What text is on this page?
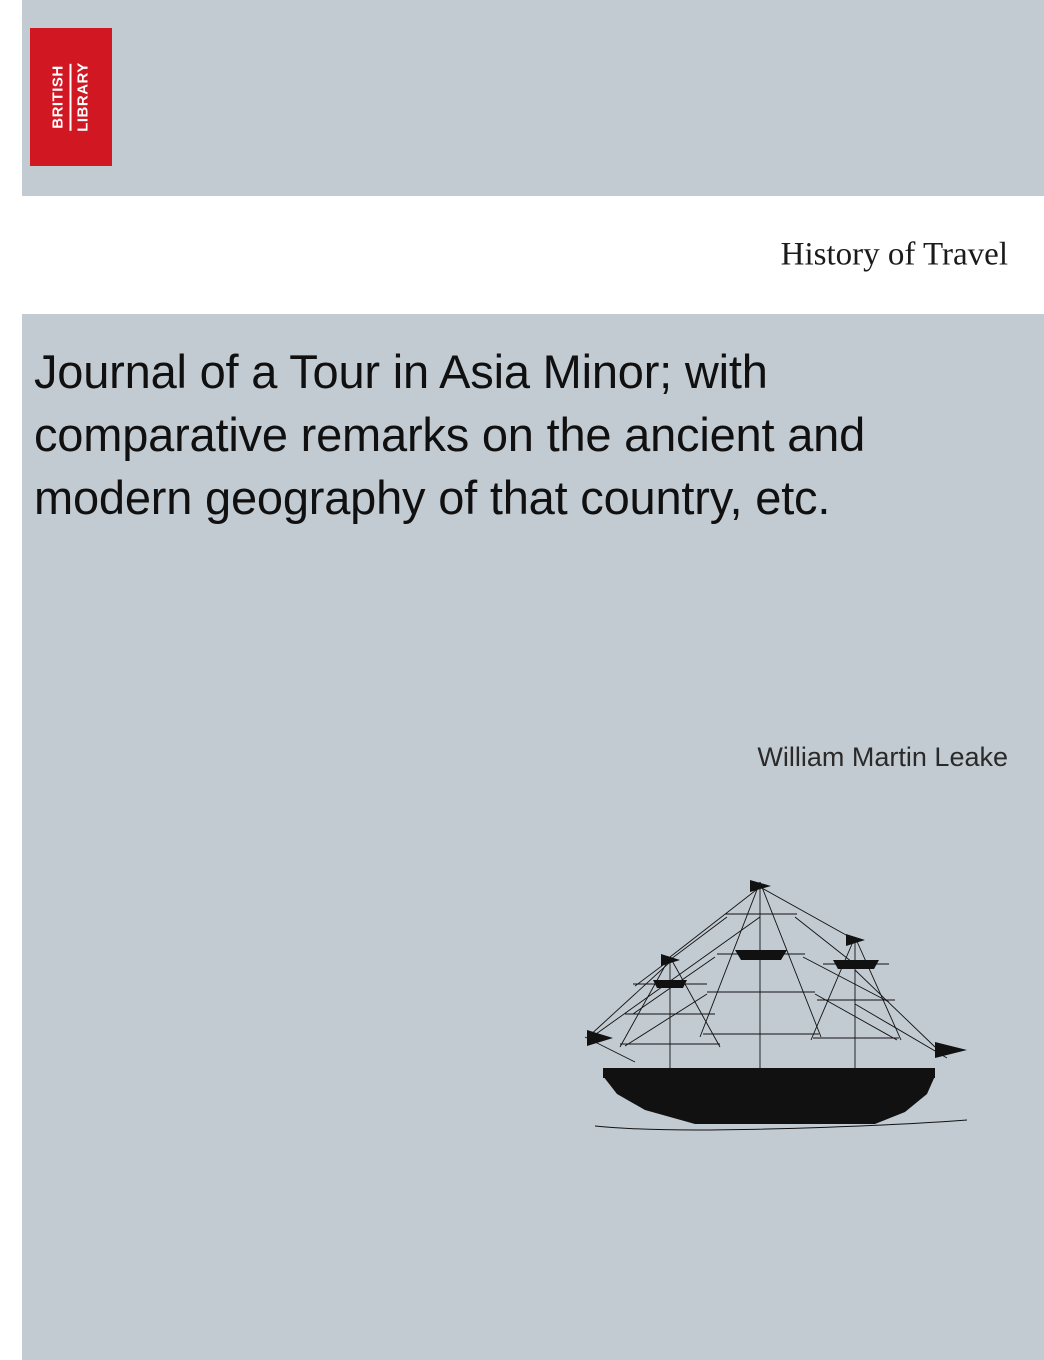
BRITISH LIBRARY
History of Travel
Journal of a Tour in Asia Minor; with comparative remarks on the ancient and modern geography of that country, etc.
William Martin Leake
